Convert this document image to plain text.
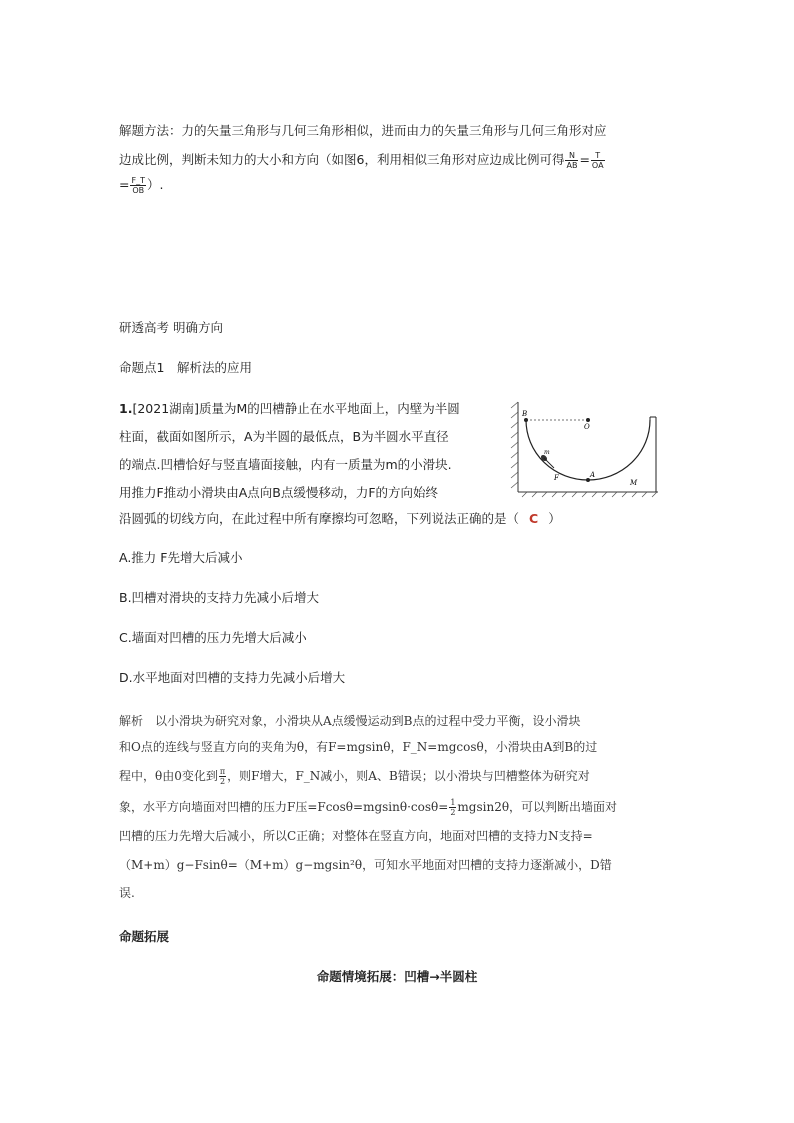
解题方法：力的矢量三角形与几何三角形相似，进而由力的矢量三角形与几何三角形对应
边成比例，判断未知力的大小和方向（如图6，利用相似三角形对应边成比例可得 $\frac{N}{AB} = \frac{T}{OA}$
= $\frac{F\_T}{OB}$ ）.
研透高考 明确方向
命题点1　解析法的应用
1.[2021湖南]质量为M的凹槽静止在水平地面上，内壁为半圆
柱面，截面如图所示，A为半圆的最低点，B为半圆水平直径
的端点.凹槽恰好与竖直墙面接触，内有一质量为m的小滑块.
用推力F推动小滑块由A点向B点缓慢移动，力F的方向始终
沿圆弧的切线方向，在此过程中所有摩擦均可忽略，下列说法正确的是（ C ）
B
O
m
F	A
M
A.推力 F先增大后减小
B.凹槽对滑块的支持力先减小后增大
C.墙面对凹槽的压力先增大后减小
D.水平地面对凹槽的支持力先减小后增大
解析　以小滑块为研究对象，小滑块从A点缓慢运动到B点的过程中受力平衡，设小滑块
和O点的连线与竖直方向的夹角为θ，有F=mgsinθ，F_N=mgcosθ，小滑块由A到B的过
程中，θ由0变化到 $\frac{\pi}{2}$ ，则F增大，F_N减小，则A、B错误；以小滑块与凹槽整体为研究对
象，水平方向墙面对凹槽的压力F压$=Fcos\theta=mgsin\theta\cdot\cos\theta= \frac{1}{2} mgsin2\theta$，可以判断出墙面对
凹槽的压力先增大后减小，所以C正确；对整体在竖直方向，地面对凹槽的支持力N支持=
（M+m）g−Fsinθ=（M+m）g−mgsin²θ，可知水平地面对凹槽的支持力逐渐减小，D错
误.
命题拓展
命题情境拓展：凹槽→半圆柱
